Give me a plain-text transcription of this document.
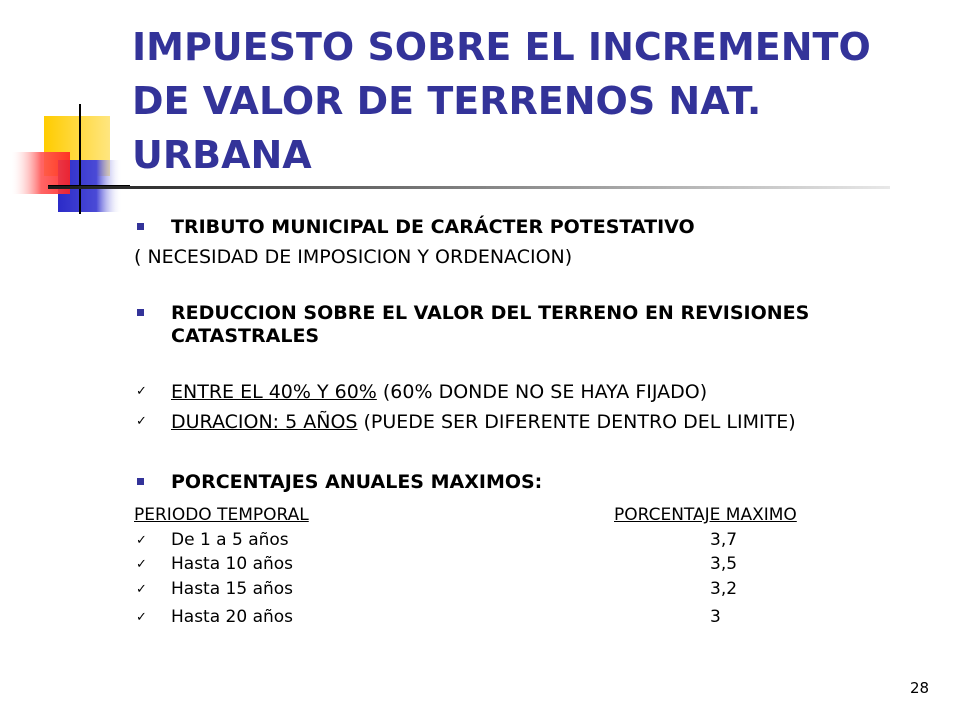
IMPUESTO SOBRE EL INCREMENTO DE VALOR DE TERRENOS NAT. URBANA
TRIBUTO MUNICIPAL DE CARÁCTER POTESTATIVO
( NECESIDAD DE IMPOSICION Y ORDENACION)
REDUCCION SOBRE EL VALOR DEL TERRENO EN REVISIONES
CATASTRALES
✓ ENTRE EL 40% Y 60% (60% DONDE NO SE HAYA FIJADO)
✓ DURACION: 5 AÑOS (PUEDE SER DIFERENTE DENTRO DEL LIMITE)
PORCENTAJES ANUALES MAXIMOS:
PERIODO TEMPORAL	PORCENTAJE MAXIMO
✓ De 1 a 5 años	3,7
✓ Hasta 10 años	3,5
✓ Hasta 15 años	3,2
✓ Hasta 20 años	3
28
